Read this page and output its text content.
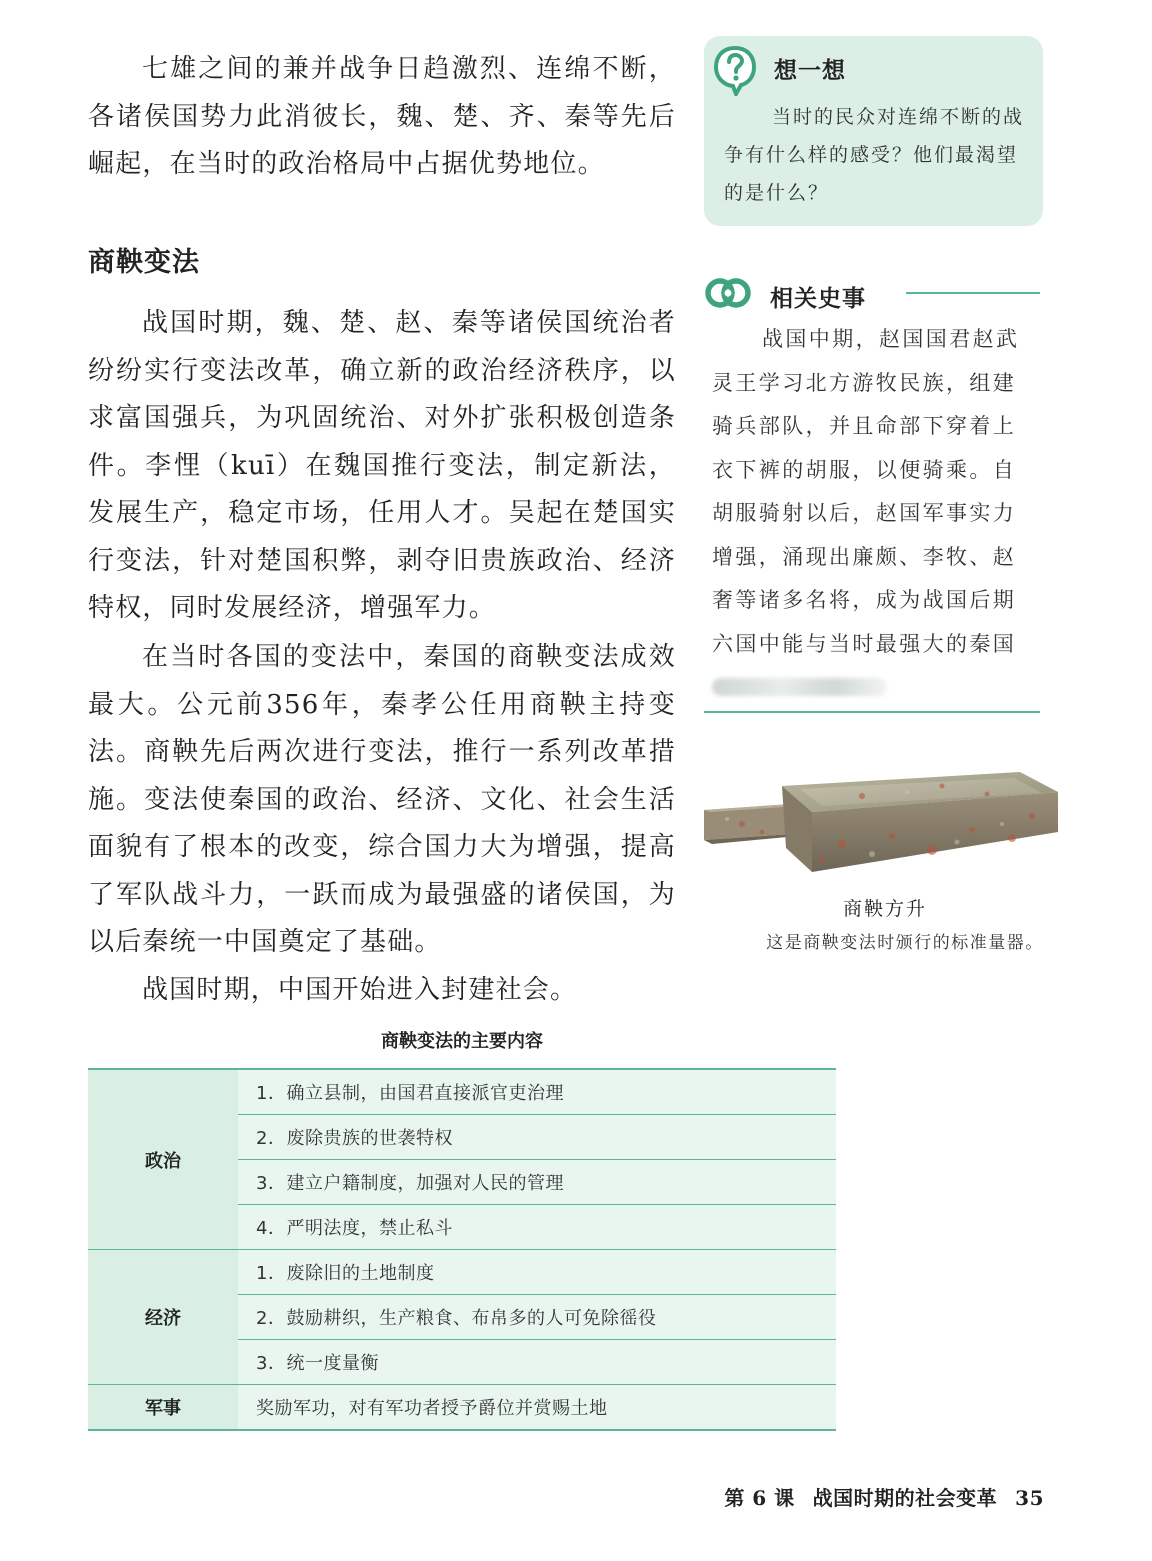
七雄之间的兼并战争日趋激烈、连绵不断，各诸侯国势力此消彼长，魏、楚、齐、秦等先后崛起，在当时的政治格局中占据优势地位。

商鞅变法

战国时期，魏、楚、赵、秦等诸侯国统治者纷纷实行变法改革，确立新的政治经济秩序，以求富国强兵，为巩固统治、对外扩张积极创造条件。李悝（kuī）在魏国推行变法，制定新法，发展生产，稳定市场，任用人才。吴起在楚国实行变法，针对楚国积弊，剥夺旧贵族政治、经济特权，同时发展经济，增强军力。

在当时各国的变法中，秦国的商鞅变法成效最大。公元前356年，秦孝公任用商鞅主持变法。商鞅先后两次进行变法，推行一系列改革措施。变法使秦国的政治、经济、文化、社会生活面貌有了根本的改变，综合国力大为增强，提高了军队战斗力，一跃而成为最强盛的诸侯国，为以后秦统一中国奠定了基础。

战国时期，中国开始进入封建社会。

想一想

当时的民众对连绵不断的战争有什么样的感受？他们最渴望的是什么？

相关史事

战国中期，赵国国君赵武灵王学习北方游牧民族，组建骑兵部队，并且命部下穿着上衣下裤的胡服，以便骑乘。自胡服骑射以后，赵国军事实力增强，涌现出廉颇、李牧、赵奢等诸多名将，成为战国后期六国中能与当时最强大的秦国

商鞅方升
这是商鞅变法时颁行的标准量器。
商鞅变法的主要内容
政治	1．确立县制，由国君直接派官吏治理
	2．废除贵族的世袭特权
	3．建立户籍制度，加强对人民的管理
	4．严明法度，禁止私斗
经济	1．废除旧的土地制度
	2．鼓励耕织，生产粮食、布帛多的人可免除徭役
	3．统一度量衡
军事	奖励军功，对有军功者授予爵位并赏赐土地
第 6 课 战国时期的社会变革 35
